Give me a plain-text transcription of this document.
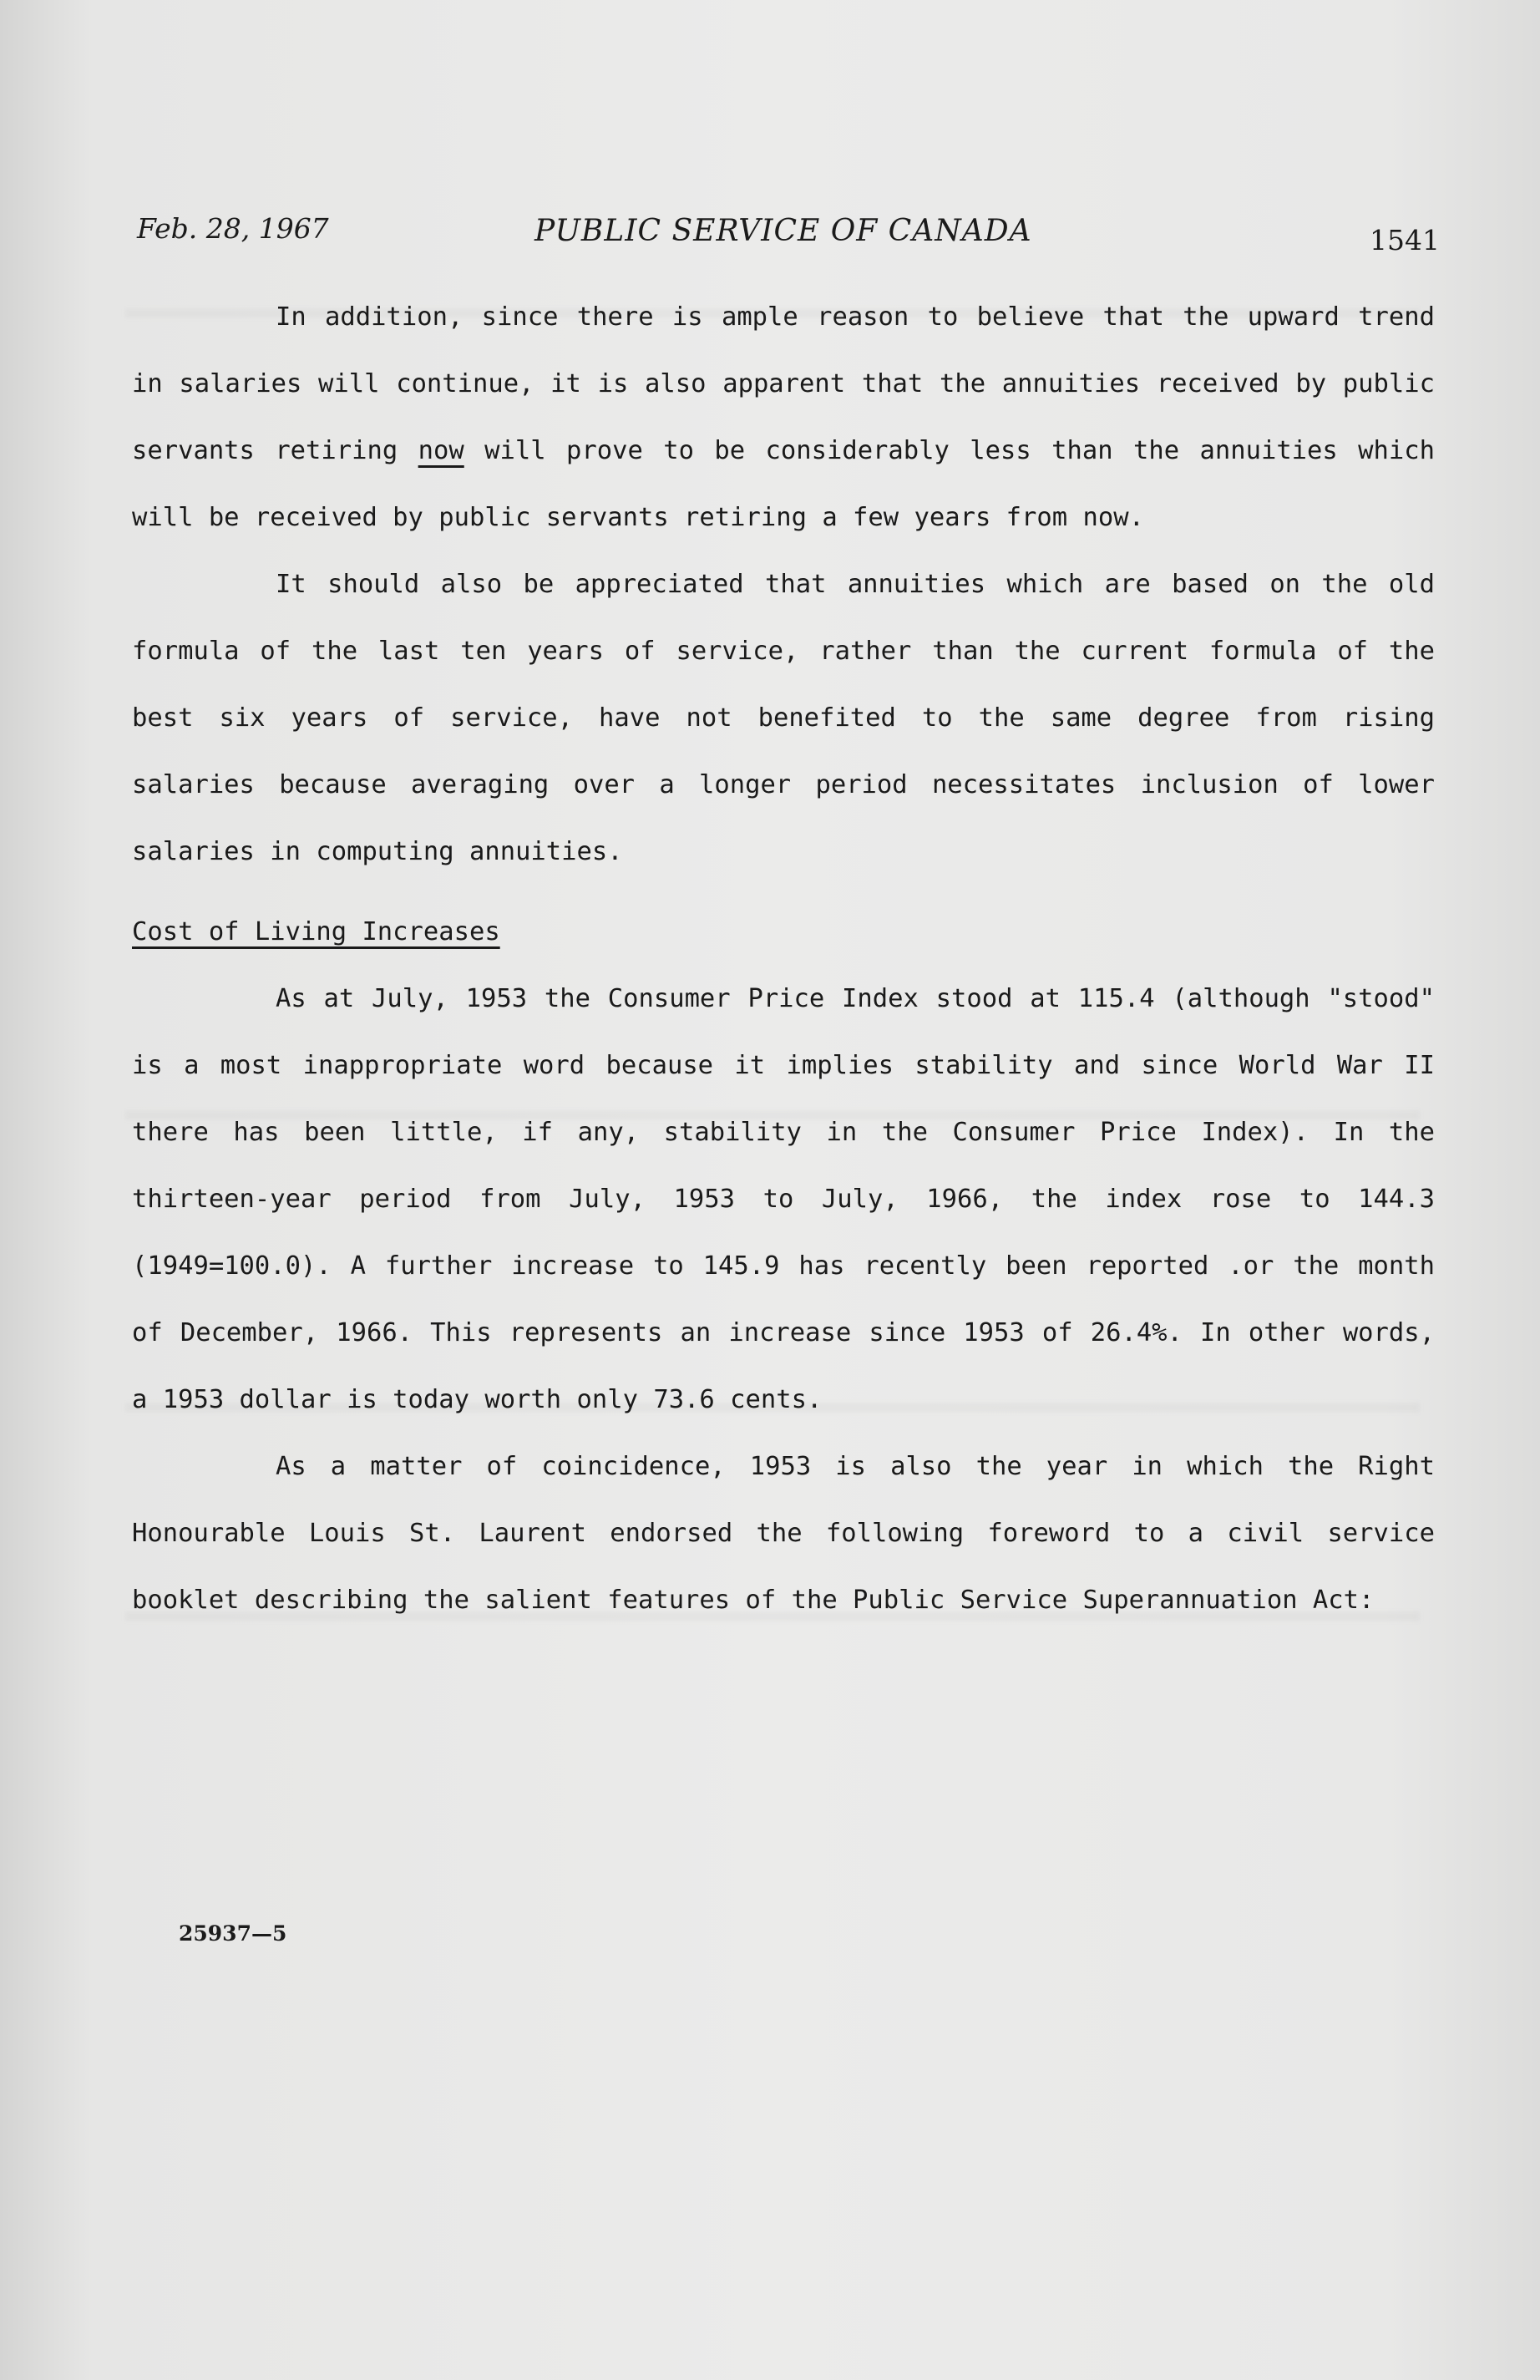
Feb. 28, 1967	PUBLIC SERVICE OF CANADA	1541

In addition, since there is ample reason to believe that the upward trend in salaries will continue, it is also apparent that the annuities received by public servants retiring now will prove to be considerably less than the annuities which will be received by public servants retiring a few years from now.

It should also be appreciated that annuities which are based on the old formula of the last ten years of service, rather than the current formula of the best six years of service, have not benefited to the same degree from rising salaries because averaging over a longer period necessitates inclusion of lower salaries in computing annuities.

Cost of Living Increases

As at July, 1953 the Consumer Price Index stood at 115.4 (although "stood" is a most inappropriate word because it implies stability and since World War II there has been little, if any, stability in the Consumer Price Index). In the thirteen-year period from July, 1953 to July, 1966, the index rose to 144.3 (1949=100.0). A further increase to 145.9 has recently been reported .or the month of December, 1966. This represents an increase since 1953 of 26.4%. In other words, a 1953 dollar is today worth only 73.6 cents.

As a matter of coincidence, 1953 is also the year in which the Right Honourable Louis St. Laurent endorsed the following foreword to a civil service booklet describing the salient features of the Public Service Superannuation Act:

25937—5
